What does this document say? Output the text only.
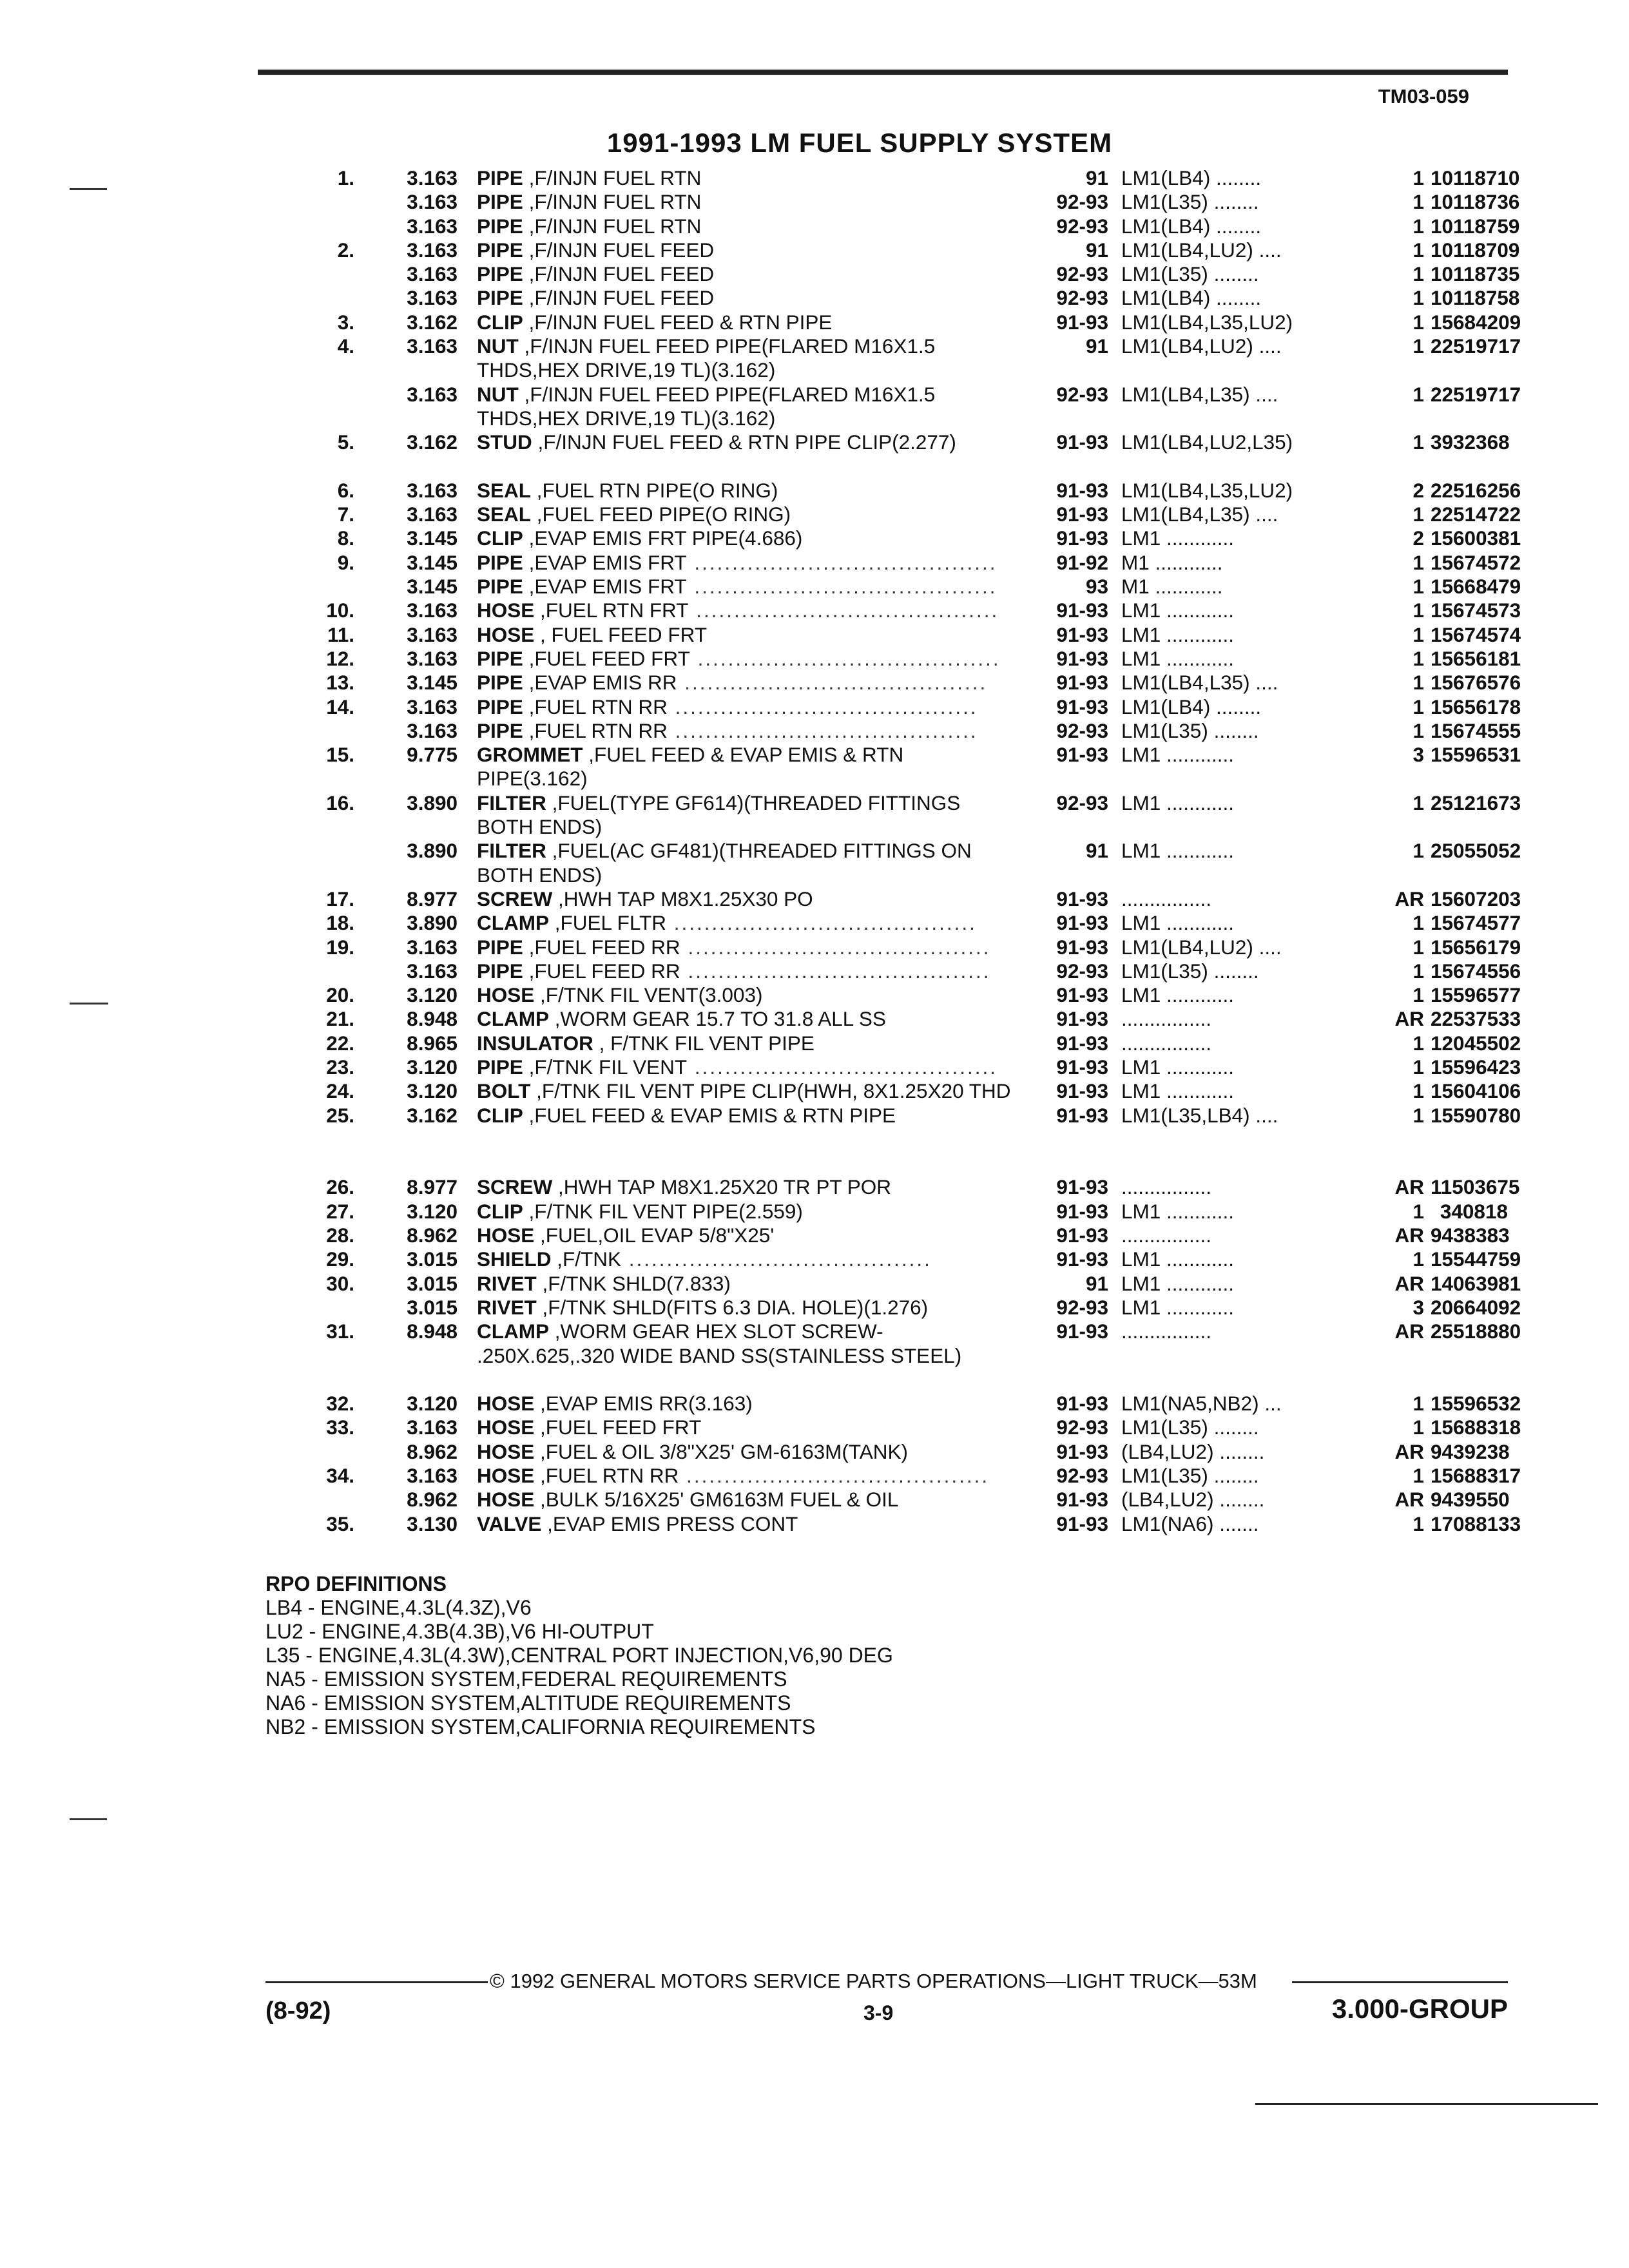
TM03-059
1991-1993 LM FUEL SUPPLY SYSTEM
1.	3.163 PIPE ,F/INJN FUEL RTN	91 LM1(LB4) ........	1 10118710
3.163 PIPE ,F/INJN FUEL RTN	92-93 LM1(L35) ........	1 10118736
3.163 PIPE ,F/INJN FUEL RTN	92-93 LM1(LB4) ........	1 10118759
2.	3.163 PIPE ,F/INJN FUEL FEED	91 LM1(LB4,LU2) ....	1 10118709
3.163 PIPE ,F/INJN FUEL FEED	92-93 LM1(L35) ........	1 10118735
3.163 PIPE ,F/INJN FUEL FEED	92-93 LM1(LB4) ........	1 10118758
3.	3.162 CLIP ,F/INJN FUEL FEED & RTN PIPE	91-93 LM1(LB4,L35,LU2)	1 15684209
4.	3.163 NUT ,F/INJN FUEL FEED PIPE(FLARED M16X1.5 THDS,HEX DRIVE,19 TL)(3.162)
91 LM1(LB4,LU2) ....	1 22519717
3.163 NUT ,F/INJN FUEL FEED PIPE(FLARED M16X1.5 THDS,HEX DRIVE,19 TL)(3.162)
92-93 LM1(LB4,L35) ....	1 22519717
5.	3.162 STUD ,F/INJN FUEL FEED & RTN PIPE CLIP(2.277)	91-93 LM1(LB4,LU2,L35)	1 3932368
6.	3.163 SEAL ,FUEL RTN PIPE(O RING)	91-93 LM1(LB4,L35,LU2)	2 22516256
7.	3.163 SEAL ,FUEL FEED PIPE(O RING)	91-93 LM1(LB4,L35) ....	1 22514722
8.	3.145 CLIP ,EVAP EMIS FRT PIPE(4.686)	91-93 LM1 ............	2 15600381
9.	3.145 PIPE ,EVAP EMIS FRT ........................................	91-92 M1 ............	1 15674572
3.145 PIPE ,EVAP EMIS FRT ........................................	93 M1 ............	1 15668479
10.	3.163 HOSE ,FUEL RTN FRT ........................................	91-93 LM1 ............	1 15674573
11.	3.163 HOSE , FUEL FEED FRT	91-93 LM1 ............	1 15674574
12.	3.163 PIPE ,FUEL FEED FRT ........................................	91-93 LM1 ............	1 15656181
13.	3.145 PIPE ,EVAP EMIS RR ........................................	91-93 LM1(LB4,L35) ....	1 15676576
14.	3.163 PIPE ,FUEL RTN RR ........................................	91-93 LM1(LB4) ........	1 15656178
3.163 PIPE ,FUEL RTN RR ........................................	92-93 LM1(L35) ........	1 15674555
15.	9.775 GROMMET ,FUEL FEED & EVAP EMIS & RTN PIPE(3.162)
91-93 LM1 ............	3 15596531
16.	3.890 FILTER ,FUEL(TYPE GF614)(THREADED FITTINGS BOTH ENDS)
92-93 LM1 ............	1 25121673
3.890 FILTER ,FUEL(AC GF481)(THREADED FITTINGS ON BOTH ENDS)
91 LM1 ............	1 25055052
17.	8.977 SCREW ,HWH TAP M8X1.25X30 PO	91-93 ................	AR 15607203
18.	3.890 CLAMP ,FUEL FLTR ........................................	91-93 LM1 ............	1 15674577
19.	3.163 PIPE ,FUEL FEED RR ........................................	91-93 LM1(LB4,LU2) ....	1 15656179
3.163 PIPE ,FUEL FEED RR ........................................	92-93 LM1(L35) ........	1 15674556
20.	3.120 HOSE ,F/TNK FIL VENT(3.003)	91-93 LM1 ............	1 15596577
21.	8.948 CLAMP ,WORM GEAR 15.7 TO 31.8 ALL SS	91-93 ................	AR 22537533
22.	8.965 INSULATOR , F/TNK FIL VENT PIPE	91-93 ................	1 12045502
23.	3.120 PIPE ,F/TNK FIL VENT ........................................	91-93 LM1 ............	1 15596423
24.	3.120 BOLT ,F/TNK FIL VENT PIPE CLIP(HWH, 8X1.25X20 THD	91-93 LM1 ............	1 15604106
25.	3.162 CLIP ,FUEL FEED & EVAP EMIS & RTN PIPE	91-93 LM1(L35,LB4) ....	1 15590780
26.	8.977 SCREW ,HWH TAP M8X1.25X20 TR PT POR	91-93 ................	AR 11503675
27.	3.120 CLIP ,F/TNK FIL VENT PIPE(2.559)	91-93 LM1 ............	1 340818
28.	8.962 HOSE ,FUEL,OIL EVAP 5/8"X25'	91-93 ................	AR 9438383
29.	3.015 SHIELD ,F/TNK ........................................	91-93 LM1 ............	1 15544759
30.	3.015 RIVET ,F/TNK SHLD(7.833)	91 LM1 ............	AR 14063981
3.015 RIVET ,F/TNK SHLD(FITS 6.3 DIA. HOLE)(1.276)	92-93 LM1 ............	3 20664092
31.	8.948 CLAMP ,WORM GEAR HEX SLOT SCREW- .250X.625,.320 WIDE BAND SS(STAINLESS STEEL)
91-93 ................	AR 25518880
32.	3.120 HOSE ,EVAP EMIS RR(3.163)	91-93 LM1(NA5,NB2) ...	1 15596532
33.	3.163 HOSE ,FUEL FEED FRT	92-93 LM1(L35) ........	1 15688318
8.962 HOSE ,FUEL & OIL 3/8"X25' GM-6163M(TANK)	91-93 (LB4,LU2) ........	AR 9439238
34.	3.163 HOSE ,FUEL RTN RR ........................................	92-93 LM1(L35) ........	1 15688317
8.962 HOSE ,BULK 5/16X25' GM6163M FUEL & OIL	91-93 (LB4,LU2) ........	AR 9439550
35.	3.130 VALVE ,EVAP EMIS PRESS CONT	91-93 LM1(NA6) .......	1 17088133
RPO DEFINITIONS
LB4 - ENGINE,4.3L(4.3Z),V6
LU2 - ENGINE,4.3B(4.3B),V6 HI-OUTPUT
L35 - ENGINE,4.3L(4.3W),CENTRAL PORT INJECTION,V6,90 DEG
NA5 - EMISSION SYSTEM,FEDERAL REQUIREMENTS
NA6 - EMISSION SYSTEM,ALTITUDE REQUIREMENTS
NB2 - EMISSION SYSTEM,CALIFORNIA REQUIREMENTS
© 1992 GENERAL MOTORS SERVICE PARTS OPERATIONS—LIGHT TRUCK—53M
(8-92)	3-9	3.000-GROUP
